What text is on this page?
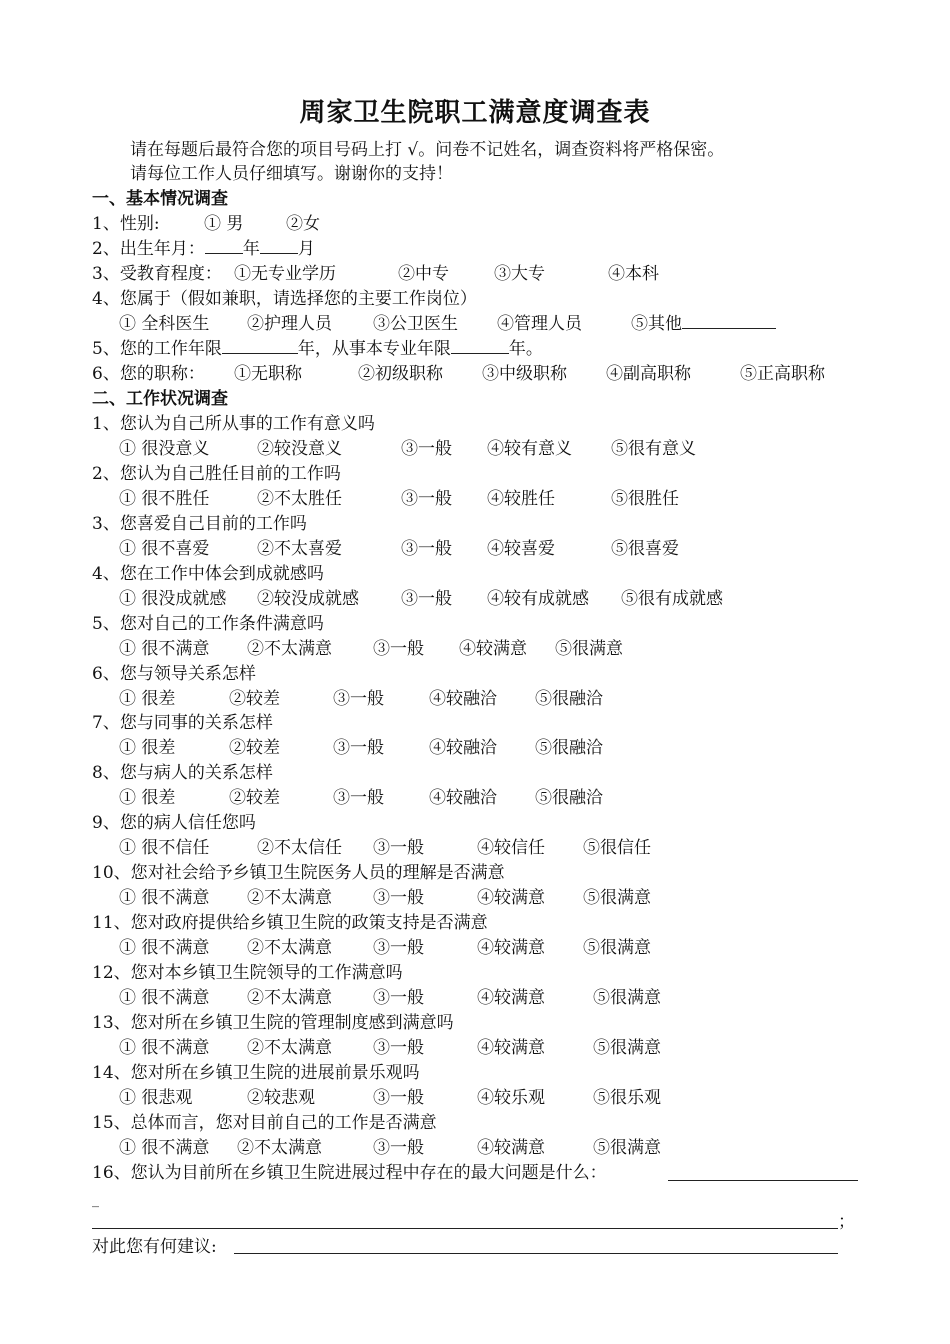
周家卫生院职工满意度调查表
请在每题后最符合您的项目号码上打 √。问卷不记姓名，调查资料将严格保密。
请每位工作人员仔细填写。谢谢你的支持！
一、基本情况调查
1、性别:	① 男	②女
2、出生年月： 年 月
3、受教育程度： ①无专业学历	②中专	③大专	④本科
4、您属于（假如兼职，请选择您的主要工作岗位）
① 全科医生 ②护理人员 ③公卫医生 ④管理人员	⑤其他
5、您的工作年限	年，从事本专业年限	年。
6、您的职称： ①无职称	②初级职称 ③中级职称 ④副高职称	⑤正高职称
二、工作状况调查
1、您认为自己所从事的工作有意义吗
① 很没意义	②较没意义	③一般 ④较有意义 ⑤很有意义
2、您认为自己胜任目前的工作吗
① 很不胜任	②不太胜任	③一般 ④较胜任	⑤很胜任
3、您喜爱自己目前的工作吗
① 很不喜爱	②不太喜爱	③一般 ④较喜爱	⑤很喜爱
4、您在工作中体会到成就感吗
① 很没成就感 ②较没成就感 ③一般 ④较有成就感 ⑤很有成就感
5、您对自己的工作条件满意吗
① 很不满意 ②不太满意 ③一般 ④较满意 ⑤很满意
6、您与领导关系怎样
① 很差	②较差	③一般	④较融洽 ⑤很融洽
7、您与同事的关系怎样
① 很差	②较差	③一般	④较融洽 ⑤很融洽
8、您与病人的关系怎样
① 很差	②较差	③一般	④较融洽 ⑤很融洽
9、您的病人信任您吗
① 很不信任	②不太信任 ③一般	④较信任 ⑤很信任
10、您对社会给予乡镇卫生院医务人员的理解是否满意
① 很不满意 ②不太满意 ③一般	④较满意 ⑤很满意
11、您对政府提供给乡镇卫生院的政策支持是否满意
① 很不满意 ②不太满意 ③一般	④较满意 ⑤很满意
12、您对本乡镇卫生院领导的工作满意吗
① 很不满意 ②不太满意 ③一般	④较满意	⑤很满意
13、您对所在乡镇卫生院的管理制度感到满意吗
① 很不满意 ②不太满意 ③一般	④较满意	⑤很满意
14、您对所在乡镇卫生院的进展前景乐观吗
① 很悲观	②较悲观	③一般	④较乐观	⑤很乐观
15、总体而言，您对目前自己的工作是否满意
① 很不满意 ②不太满意	③一般	④较满意	⑤很满意
16、您认为目前所在乡镇卫生院进展过程中存在的最大问题是什么：
_
；
对此您有何建议:
